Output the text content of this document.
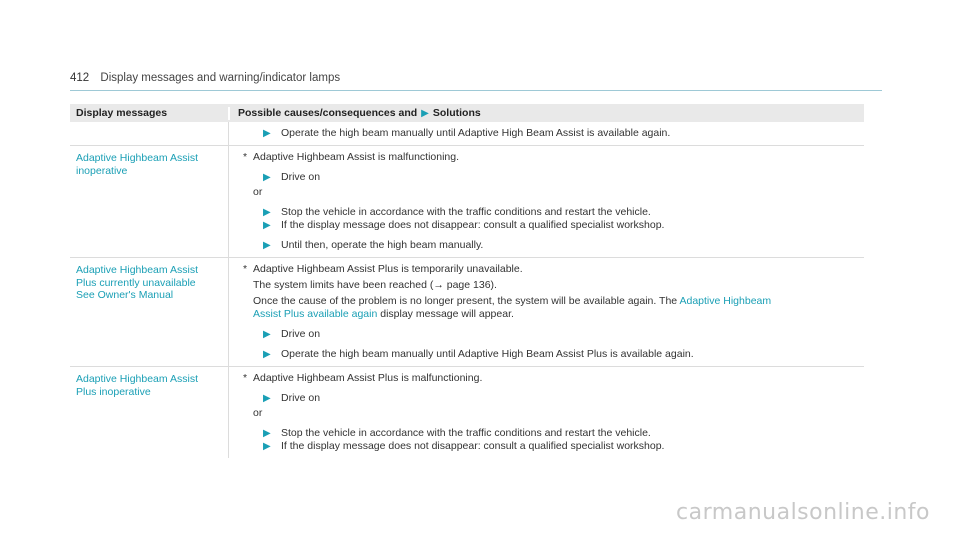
412 Display messages and warning/indicator lamps
Display messages	Possible causes/consequences and ▶ Solutions
▶ Operate the high beam manually until Adaptive High Beam Assist is available again.
Adaptive Highbeam Assist
inoperative
* Adaptive Highbeam Assist is malfunctioning.
▶ Drive on
or
▶ Stop the vehicle in accordance with the traffic conditions and restart the vehicle.
▶ If the display message does not disappear: consult a qualified specialist workshop.
▶ Until then, operate the high beam manually.
Adaptive Highbeam Assist
Plus currently unavailable
See Owner's Manual
* Adaptive Highbeam Assist Plus is temporarily unavailable.
The system limits have been reached (→ page 136).
Once the cause of the problem is no longer present, the system will be available again. The Adaptive Highbeam
Assist Plus available again display message will appear.
▶ Drive on
▶ Operate the high beam manually until Adaptive High Beam Assist Plus is available again.
Adaptive Highbeam Assist
Plus inoperative
* Adaptive Highbeam Assist Plus is malfunctioning.
▶ Drive on
or
▶ Stop the vehicle in accordance with the traffic conditions and restart the vehicle.
▶ If the display message does not disappear: consult a qualified specialist workshop.
carmanualsonline.info
